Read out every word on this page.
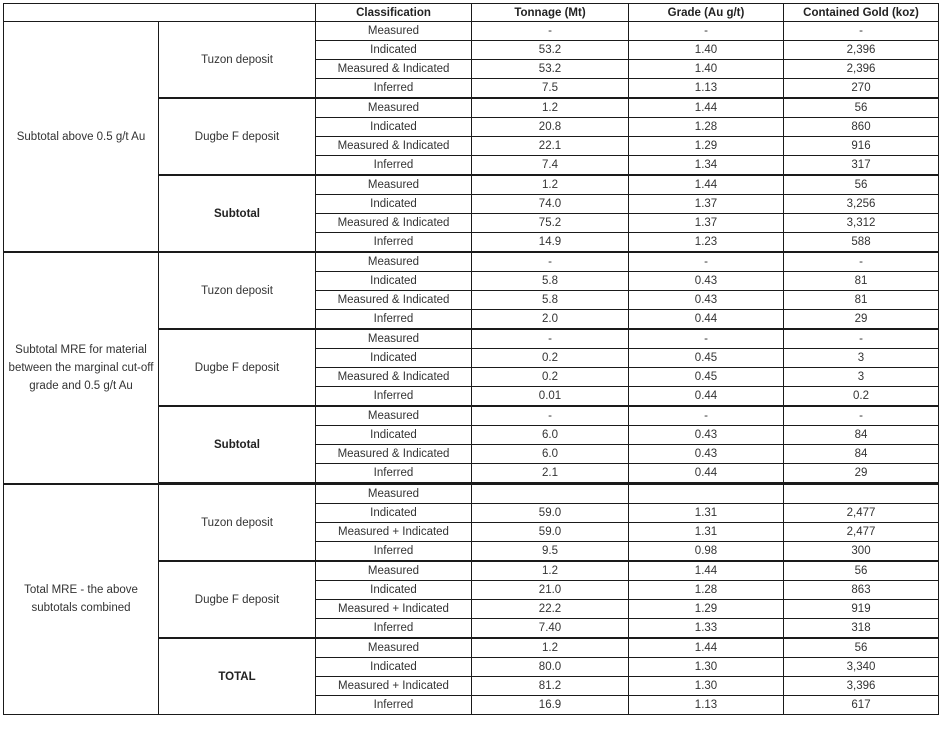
		Classification	Tonnage (Mt)	Grade (Au g/t)	Contained Gold (koz)
Subtotal above 0.5 g/t Au	Tuzon deposit	Measured	-	-	-
		Indicated	53.2	1.40	2,396
		Measured & Indicated	53.2	1.40	2,396
		Inferred	7.5	1.13	270
	Dugbe F deposit	Measured	1.2	1.44	56
		Indicated	20.8	1.28	860
		Measured & Indicated	22.1	1.29	916
		Inferred	7.4	1.34	317
	Subtotal	Measured	1.2	1.44	56
		Indicated	74.0	1.37	3,256
		Measured & Indicated	75.2	1.37	3,312
		Inferred	14.9	1.23	588
Subtotal MRE for material between the marginal cut-off grade and 0.5 g/t Au	Tuzon deposit	Measured	-	-	-
		Indicated	5.8	0.43	81
		Measured & Indicated	5.8	0.43	81
		Inferred	2.0	0.44	29
	Dugbe F deposit	Measured	-	-	-
		Indicated	0.2	0.45	3
		Measured & Indicated	0.2	0.45	3
		Inferred	0.01	0.44	0.2
	Subtotal	Measured	-	-	-
		Indicated	6.0	0.43	84
		Measured & Indicated	6.0	0.43	84
		Inferred	2.1	0.44	29
Total MRE - the above subtotals combined	Tuzon deposit	Measured			
		Indicated	59.0	1.31	2,477
		Measured + Indicated	59.0	1.31	2,477
		Inferred	9.5	0.98	300
	Dugbe F deposit	Measured	1.2	1.44	56
		Indicated	21.0	1.28	863
		Measured + Indicated	22.2	1.29	919
		Inferred	7.40	1.33	318
	TOTAL	Measured	1.2	1.44	56
		Indicated	80.0	1.30	3,340
		Measured + Indicated	81.2	1.30	3,396
		Inferred	16.9	1.13	617
